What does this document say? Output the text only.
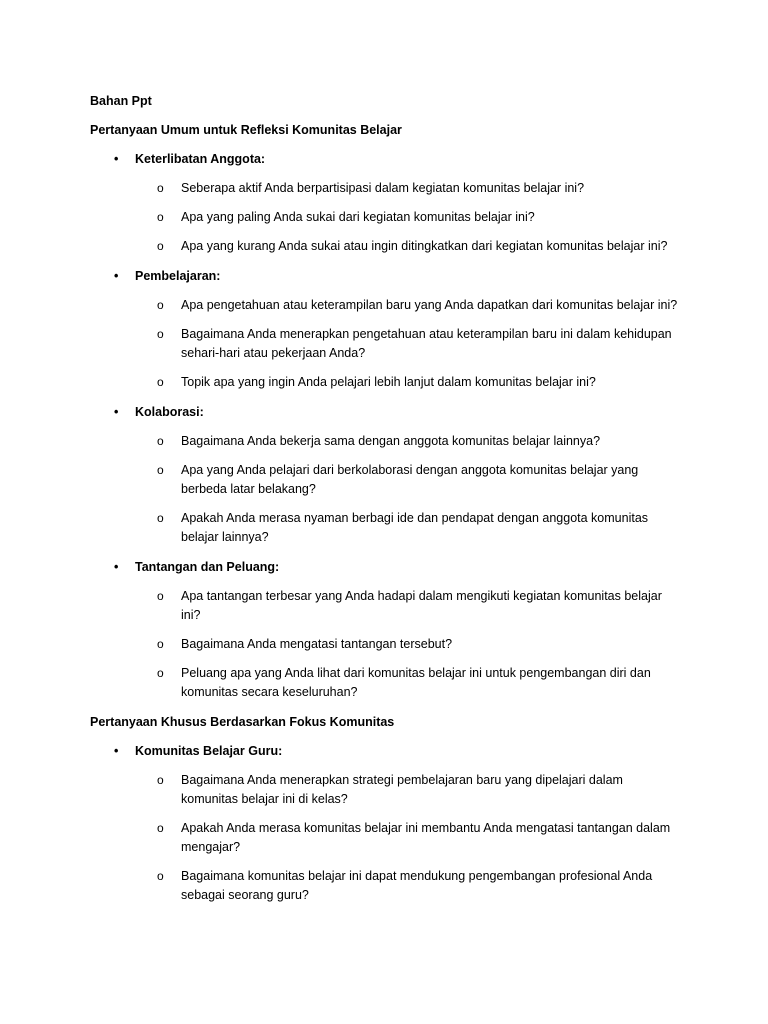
Bahan Ppt
Pertanyaan Umum untuk Refleksi Komunitas Belajar
• Keterlibatan Anggota:
o Seberapa aktif Anda berpartisipasi dalam kegiatan komunitas belajar ini?
o Apa yang paling Anda sukai dari kegiatan komunitas belajar ini?
o Apa yang kurang Anda sukai atau ingin ditingkatkan dari kegiatan komunitas belajar ini?
• Pembelajaran:
o Apa pengetahuan atau keterampilan baru yang Anda dapatkan dari komunitas belajar ini?
o Bagaimana Anda menerapkan pengetahuan atau keterampilan baru ini dalam kehidupan sehari-hari atau pekerjaan Anda?
o Topik apa yang ingin Anda pelajari lebih lanjut dalam komunitas belajar ini?
• Kolaborasi:
o Bagaimana Anda bekerja sama dengan anggota komunitas belajar lainnya?
o Apa yang Anda pelajari dari berkolaborasi dengan anggota komunitas belajar yang berbeda latar belakang?
o Apakah Anda merasa nyaman berbagi ide dan pendapat dengan anggota komunitas belajar lainnya?
• Tantangan dan Peluang:
o Apa tantangan terbesar yang Anda hadapi dalam mengikuti kegiatan komunitas belajar ini?
o Bagaimana Anda mengatasi tantangan tersebut?
o Peluang apa yang Anda lihat dari komunitas belajar ini untuk pengembangan diri dan komunitas secara keseluruhan?
Pertanyaan Khusus Berdasarkan Fokus Komunitas
• Komunitas Belajar Guru:
o Bagaimana Anda menerapkan strategi pembelajaran baru yang dipelajari dalam komunitas belajar ini di kelas?
o Apakah Anda merasa komunitas belajar ini membantu Anda mengatasi tantangan dalam mengajar?
o Bagaimana komunitas belajar ini dapat mendukung pengembangan profesional Anda sebagai seorang guru?
